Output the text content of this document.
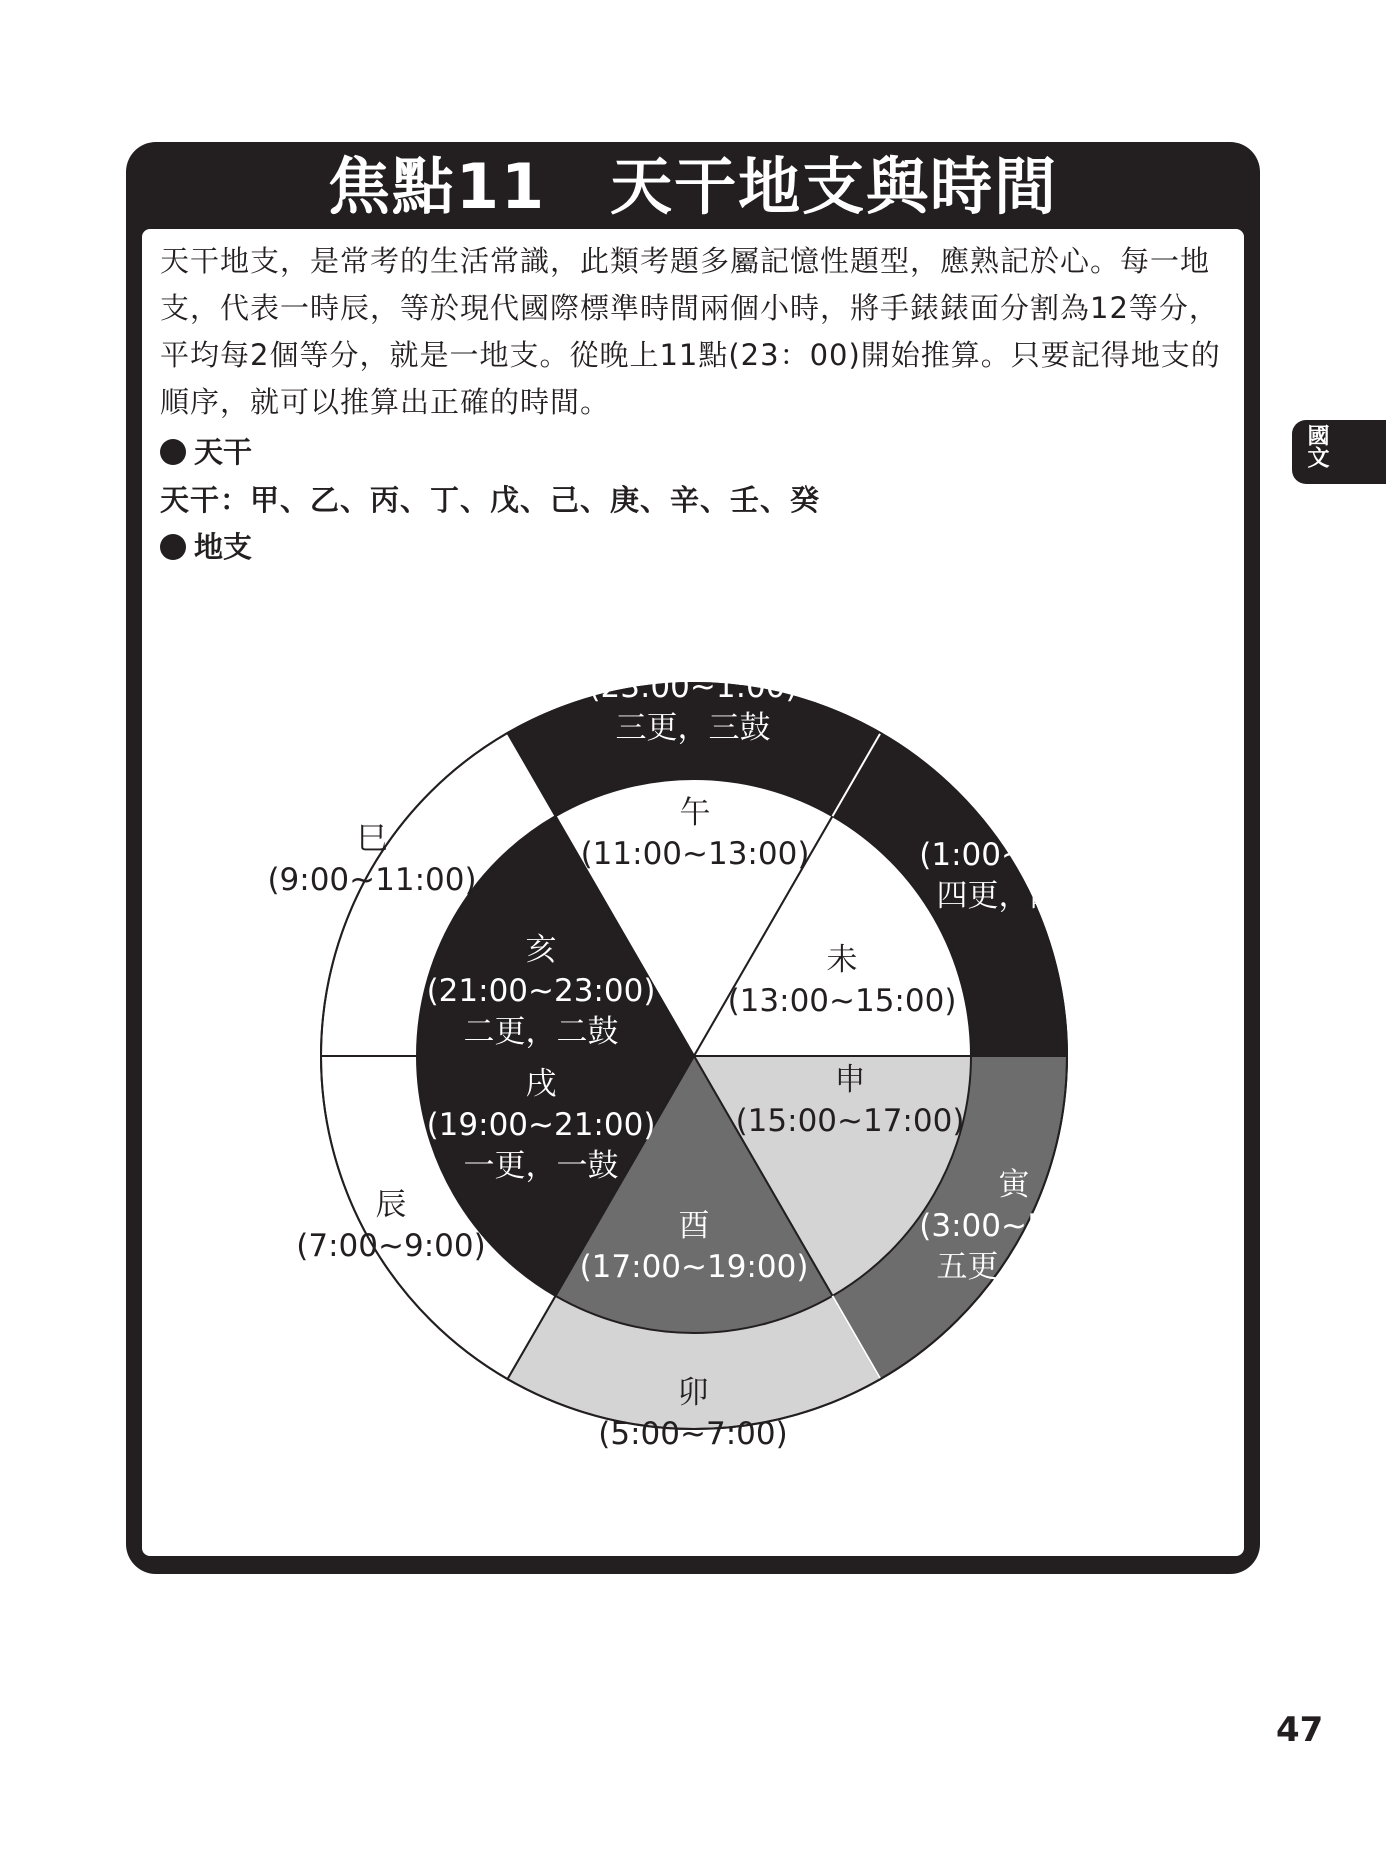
焦點11　天干地支與時間

天干地支，是常考的生活常識，此類考題多屬記憶性題型，應熟記於心。每一地支，代表一時辰，等於現代國際標準時間兩個小時，將手錶錶面分割為12等分，平均每2個等分，就是一地支。從晚上11點(23：00)開始推算。只要記得地支的順序，就可以推算出正確的時間。

天干
天干：甲、乙、丙、丁、戊、己、庚、辛、壬、癸
地支
子
(23:00~1:00)
三更，三鼓
丑
(1:00~3:00)
四更，四鼓
寅
(3:00~5:00)
五更，五鼓
卯
(5:00~7:00)
辰
(7:00~9:00)
巳
(9:00~11:00)
午
(11:00~13:00)
未
(13:00~15:00)
申
(15:00~17:00)
酉
(17:00~19:00)
戌
(19:00~21:00)
一更，一鼓
亥
(21:00~23:00)
二更，二鼓
國文
47
